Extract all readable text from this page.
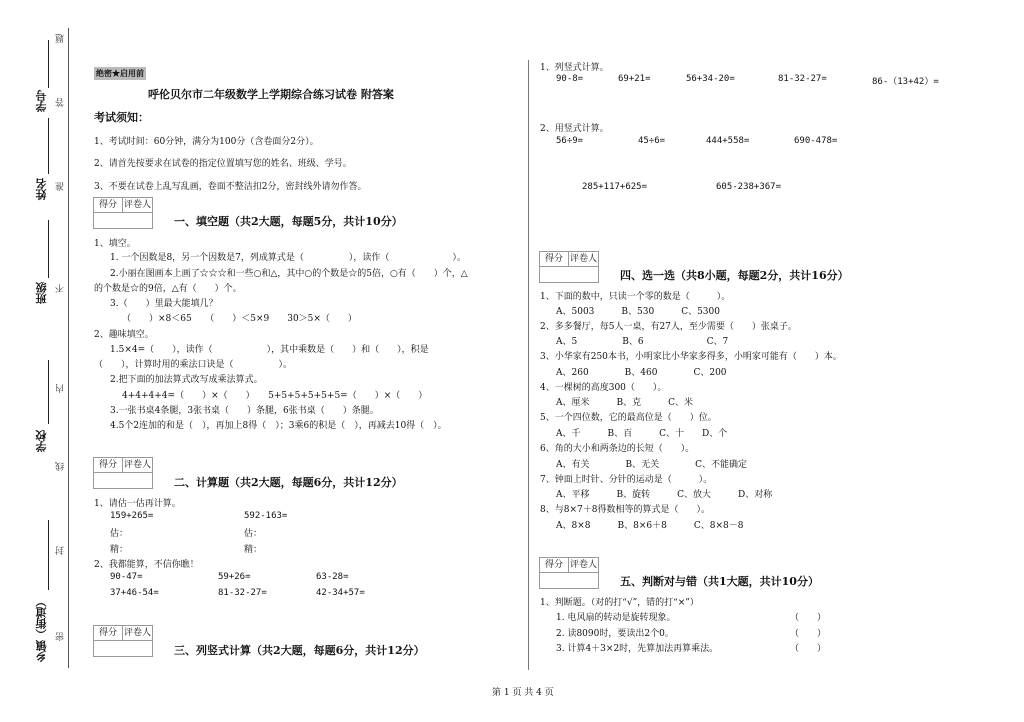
题
学号 答
姓名 准
班级 不
内
学校
线
封
乡镇（街道） 密
绝密★启用前
呼伦贝尔市二年级数学上学期综合练习试卷 附答案
考试须知：
1、考试时间：60分钟，满分为100分（含卷面分2分）。
2、请首先按要求在试卷的指定位置填写您的姓名、班级、学号。
3、不要在试卷上乱写乱画，卷面不整洁扣2分，密封线外请勿作答。
得分 评卷人
一、填空题（共2大题，每题5分，共计10分）
1、填空。
1. 一个因数是8，另一个因数是7，列成算式是（　　　　　），读作（　　　　　　　）。
2.小丽在图画本上画了☆☆☆和一些○和△，其中○的个数是☆的5倍，○有（　　）个，△
的个数是☆的9倍，△有（　　）个。
3.（　　）里最大能填几？
（　　）×8＜65　　（　　）＜5×9　　30＞5×（　　）
2、趣味填空。
1.5×4=（　　），读作（　　　　　　），其中乘数是（　　）和（　　），积是
（　　），计算时用的乘法口诀是（　　　　　）。
2.把下面的加法算式改写成乘法算式。
4+4+4+4=（　　）×（　　）　　5+5+5+5+5+5=（　　）×（　　）
3.一张书桌4条腿，3张书桌（　　）条腿，6张书桌（　　）条腿。
4.5个2连加的和是（　），再加上8得（　）；3乘6的积是（　），再减去10得（　）。
得分 评卷人
二、计算题（共2大题，每题6分，共计12分）
1、请估一估再计算。
159+265=	592-163=
估：	估：
精：	精：
2、我都能算，不信你瞧！
90-47=	59+26=	63-28=
37+46-54=	81-32-27=	42-34+57=
得分 评卷人
三、列竖式计算（共2大题，每题6分，共计12分）
1、列竖式计算。
90-8=	69+21=	56+34-20=	81-32-27=	86-（13+42）=
2、用竖式计算。
56÷9=	45÷6=	444+558=	690-478=
285+117+625=	605-238+367=
得分 评卷人
四、选一选（共8小题，每题2分，共计16分）
1、下面的数中，只读一个零的数是（　　　）。
A、5003　　　B、530　　　C、5300
2、多多餐厅，每5人一桌，有27人，至少需要（　　）张桌子。
A、5　　　　　B、6　　　　　　　C、7
3、小华家有250本书，小明家比小华家多得多，小明家可能有（　　）本。
A、260　　　　B、460　　　　C、200
4、一棵树的高度300（　　）。
A、厘米　　　B、克　　　C、米
5、一个四位数，它的最高位是（　　）位。
A、千　　　B、百　　　C、十　　D、个
6、角的大小和两条边的长短（　　）。
A、有关　　　　B、无关　　　　C、不能确定
7、钟面上时针、分针的运动是（　　　）。
A、平移　　　B、旋转　　　C、放大　　　D、对称
8、与8×7＋8得数相等的算式是（　　）。
A、8×8　　　B、8×6＋8　　　C、8×8－8
得分 评卷人
五、判断对与错（共1大题，共计10分）
1、判断题。（对的打“√”，错的打“×”）
1. 电风扇的转动是旋转现象。	（　　）
2. 读8090时，要读出2个0。	（　　）
3. 计算4＋3×2时，先算加法再算乘法。	（　　）
第 1 页 共 4 页
